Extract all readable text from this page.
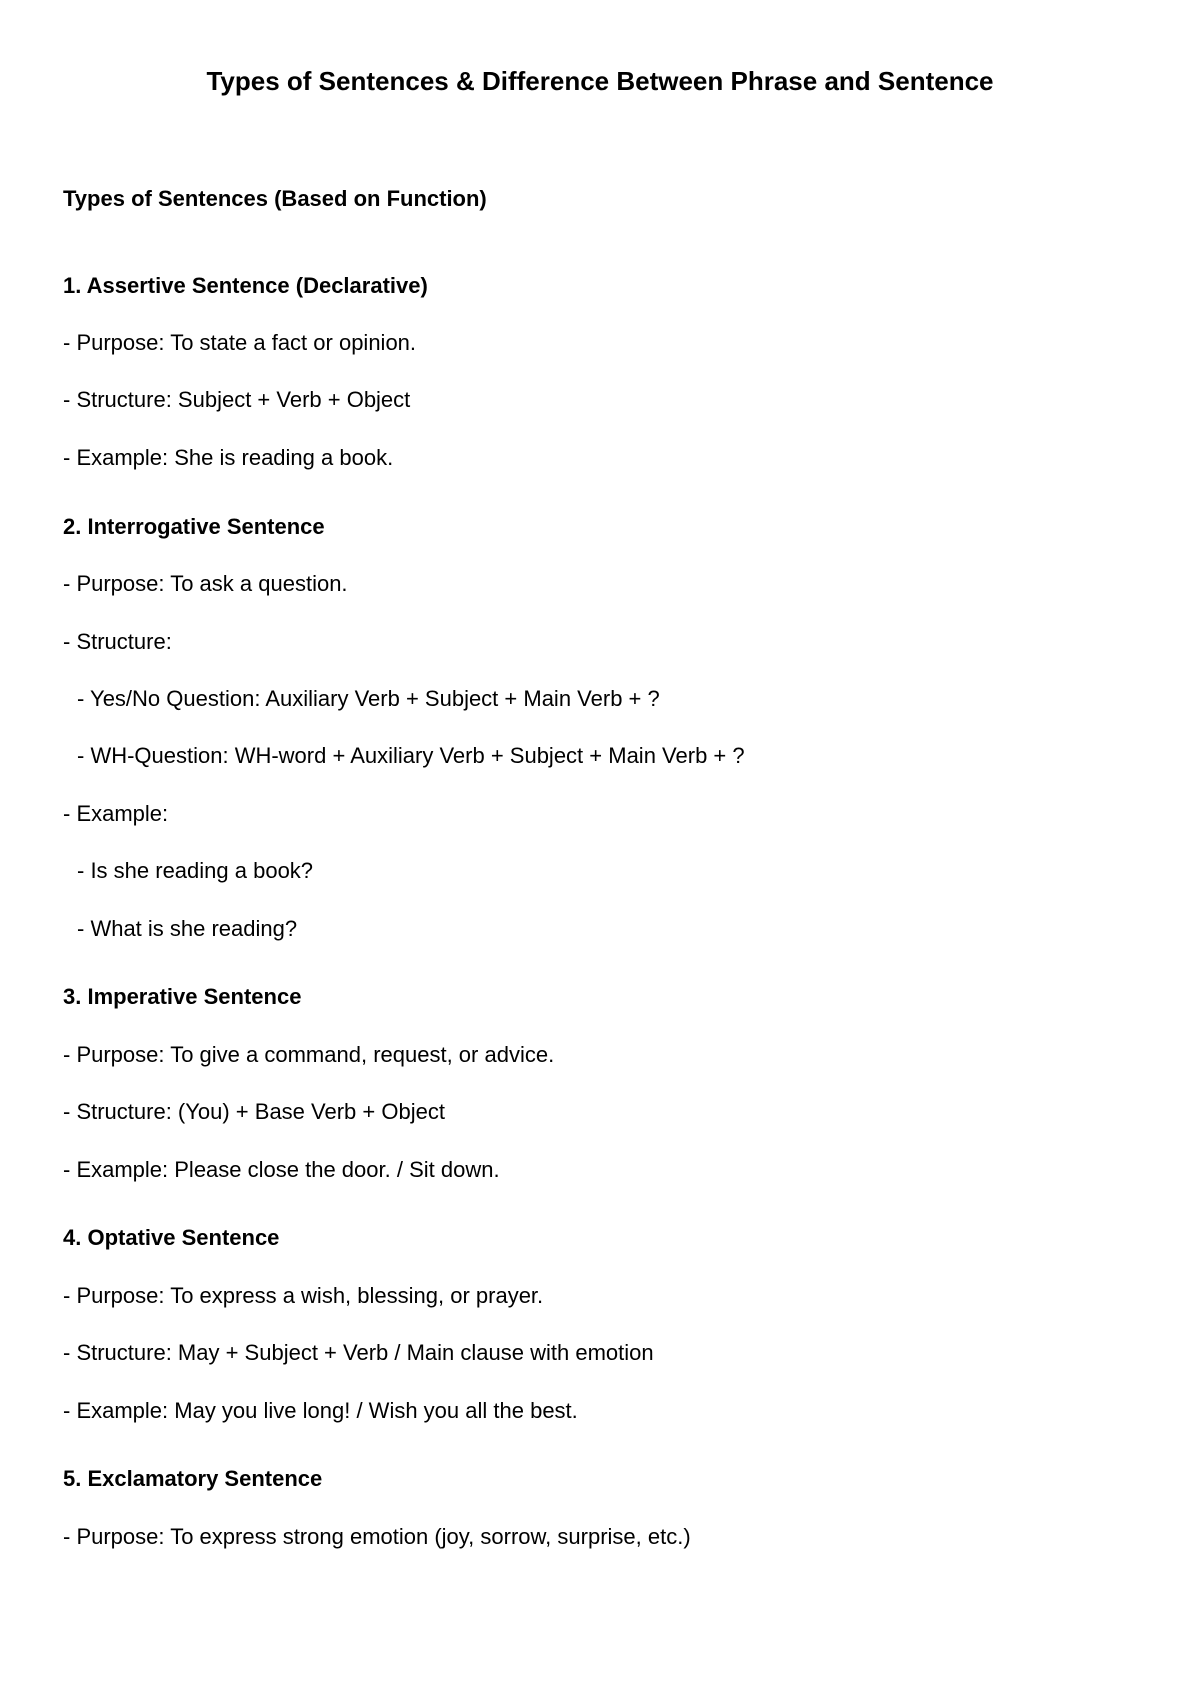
Types of Sentences & Difference Between Phrase and Sentence
Types of Sentences (Based on Function)
1. Assertive Sentence (Declarative)
- Purpose: To state a fact or opinion.
- Structure: Subject + Verb + Object
- Example: She is reading a book.
2. Interrogative Sentence
- Purpose: To ask a question.
- Structure:
- Yes/No Question: Auxiliary Verb + Subject + Main Verb + ?
- WH-Question: WH-word + Auxiliary Verb + Subject + Main Verb + ?
- Example:
- Is she reading a book?
- What is she reading?
3. Imperative Sentence
- Purpose: To give a command, request, or advice.
- Structure: (You) + Base Verb + Object
- Example: Please close the door. / Sit down.
4. Optative Sentence
- Purpose: To express a wish, blessing, or prayer.
- Structure: May + Subject + Verb / Main clause with emotion
- Example: May you live long! / Wish you all the best.
5. Exclamatory Sentence
- Purpose: To express strong emotion (joy, sorrow, surprise, etc.)
